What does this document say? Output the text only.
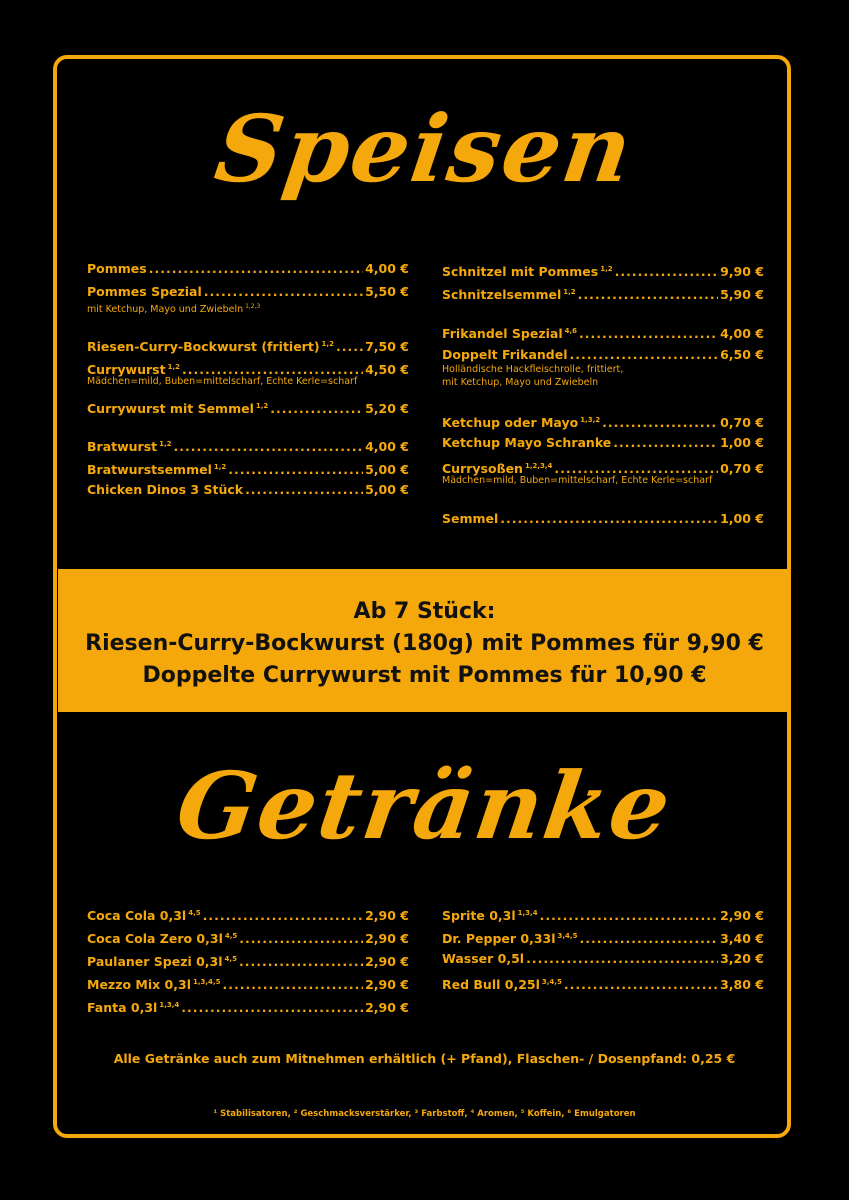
Speisen
Pommes .....	4,00 €
Pommes Spezial .....	5,50 €
mit Ketchup, Mayo und Zwiebeln $^{1,2,3}$
Riesen-Curry-Bockwurst (fritiert) $^{1,2}$ ..... 7,50 €
Currywurst $^{1,2}$ .....	4,50 €
Mädchen=mild, Buben=mittelscharf, Echte Kerle=scharf
Currywurst mit Semmel $^{1,2}$ .....	5,20 €
Bratwurst $^{1,2}$ .....	4,00 €
Bratwurstsemmel $^{1,2}$ .....	5,00 €
Chicken Dinos 3 Stück .....	5,00 €
Schnitzel mit Pommes $^{1,2}$ .....	9,90 €
Schnitzelsemmel $^{1,2}$ .....	5,90 €
Frikandel Spezial $^{4,6}$ .....	4,00 €
Doppelt Frikandel .....	6,50 €
Holländische Hackfleischrolle, frittiert,
mit Ketchup, Mayo und Zwiebeln
Ketchup oder Mayo $^{1,3,2}$ .....	0,70 €
Ketchup Mayo Schranke .....	1,00 €
Currysoßen $^{1,2,3,4}$ .....	0,70 €
Mädchen=mild, Buben=mittelscharf, Echte Kerle=scharf
Semmel .....	1,00 €
Ab 7 Stück:
Riesen-Curry-Bockwurst (180g) mit Pommes für 9,90 €
Doppelte Currywurst mit Pommes für 10,90 €
Getränke
Coca Cola 0,3l $^{4,5}$ .....	2,90 €
Coca Cola Zero 0,3l $^{4,5}$ .....	2,90 €
Paulaner Spezi 0,3l $^{4,5}$ .....	2,90 €
Mezzo Mix 0,3l $^{1,3,4,5}$ .....	2,90 €
Fanta 0,3l $^{1,3,4}$ .....	2,90 €
Sprite 0,3l $^{1,3,4}$ .....	2,90 €
Dr. Pepper 0,33l $^{3,4,5}$ .....	3,40 €
Wasser 0,5l .....	3,20 €
Red Bull 0,25l $^{3,4,5}$ .....	3,80 €
Alle Getränke auch zum Mitnehmen erhältlich (+ Pfand), Flaschen- / Dosenpfand: 0,25 €
¹ Stabilisatoren, ² Geschmacksverstärker, ³ Farbstoff, ⁴ Aromen, ⁵ Koffein, ⁶ Emulgatoren
